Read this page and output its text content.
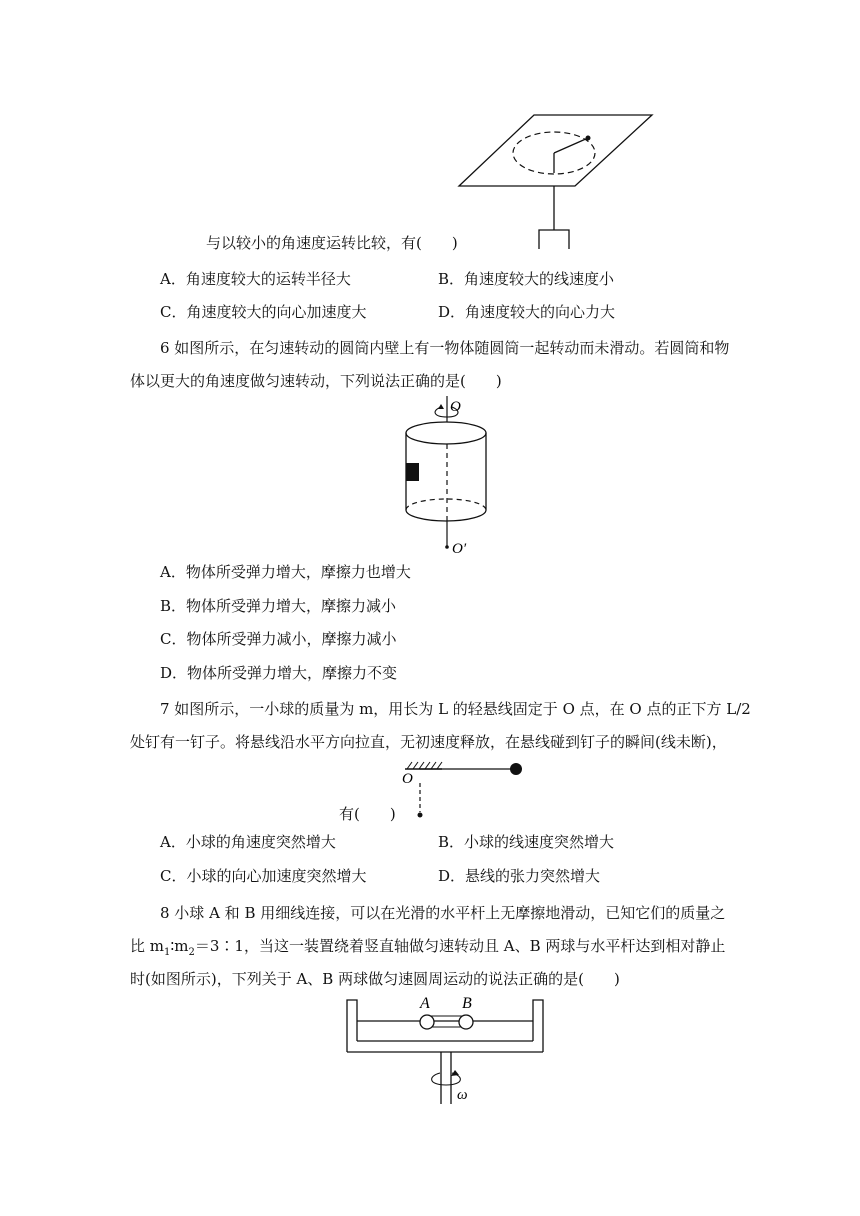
与以较小的角速度运转比较，有(　　)
A．角速度较大的运转半径大	B．角速度较大的线速度小
C．角速度较大的向心加速度大	D．角速度较大的向心力大
6 如图所示，在匀速转动的圆筒内壁上有一物体随圆筒一起转动而未滑动。若圆筒和物
体以更大的角速度做匀速转动，下列说法正确的是(　　)
O
O′
A．物体所受弹力增大，摩擦力也增大
B．物体所受弹力增大，摩擦力减小
C．物体所受弹力减小，摩擦力减小
D．物体所受弹力增大，摩擦力不变
7 如图所示，一小球的质量为 m，用长为 L 的轻悬线固定于 O 点，在 O 点的正下方 L/2
处钉有一钉子。将悬线沿水平方向拉直，无初速度释放，在悬线碰到钉子的瞬间(线未断)，
O
有(　　)
A．小球的角速度突然增大	B．小球的线速度突然增大
C．小球的向心加速度突然增大	D．悬线的张力突然增大
8 小球 A 和 B 用细线连接，可以在光滑的水平杆上无摩擦地滑动，已知它们的质量之
比 $m_1∶m_2=3∶1$，当这一装置绕着竖直轴做匀速转动且 A、B 两球与水平杆达到相对静止
时(如图所示)，下列关于 A、B 两球做匀速圆周运动的说法正确的是(　　)
A B
ω
